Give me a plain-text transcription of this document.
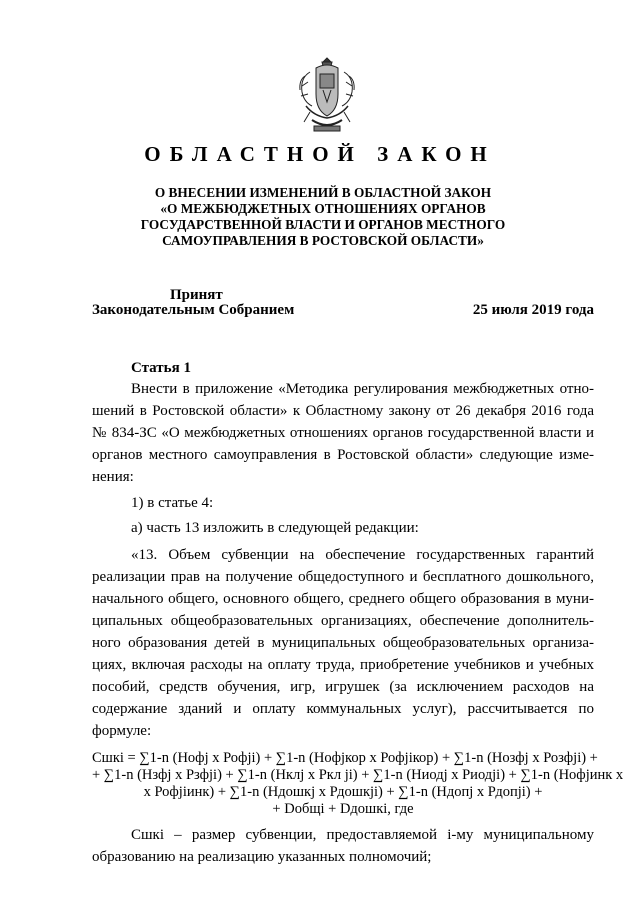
ОБЛАСТНОЙ ЗАКОН
О ВНЕСЕНИИ ИЗМЕНЕНИЙ В ОБЛАСТНОЙ ЗАКОН
«О МЕЖБЮДЖЕТНЫХ ОТНОШЕНИЯХ ОРГАНОВ
ГОСУДАРСТВЕННОЙ ВЛАСТИ И ОРГАНОВ МЕСТНОГО
САМОУПРАВЛЕНИЯ В РОСТОВСКОЙ ОБЛАСТИ»
Принят
Законодательным Собранием	25 июля 2019 года
Статья 1
Внести в приложение «Методика регулирования межбюджетных отно-
шений в Ростовской области» к Областному закону от 26 декабря 2016 года
№ 834-ЗС «О межбюджетных отношениях органов государственной власти и
органов местного самоуправления в Ростовской области» следующие изме-
нения:
1) в статье 4:
а) часть 13 изложить в следующей редакции:
«13. Объем субвенции на обеспечение государственных гарантий
реализации прав на получение общедоступного и бесплатного дошкольного,
начального общего, основного общего, среднего общего образования в муни-
ципальных общеобразовательных организациях, обеспечение дополнитель-
ного образования детей в муниципальных общеобразовательных организа-
циях, включая расходы на оплату труда, приобретение учебников и учебных
пособий, средств обучения, игр, игрушек (за исключением расходов на
содержание зданий и оплату коммунальных услуг), рассчитывается по
формуле:
Сшкi = ∑1-n (Нофj x Рофji) + ∑1-n (Нофjкор x Рофjiкор) + ∑1-n (Нозфj x Розфji) +
+ ∑1-n (Нзфj x Рзфji) + ∑1-n (Нклj x Ркл ji) + ∑1-n (Ниодj x Риодji) + ∑1-n (Нофjинк x
x Рофjiинк) + ∑1-n (Ндошкj x Рдошкji) + ∑1-n (Ндопj x Рдопji) +
+ Dобщi + Dдошкi, где
Сшкi – размер субвенции, предоставляемой i-му муниципальному
образованию на реализацию указанных полномочий;
